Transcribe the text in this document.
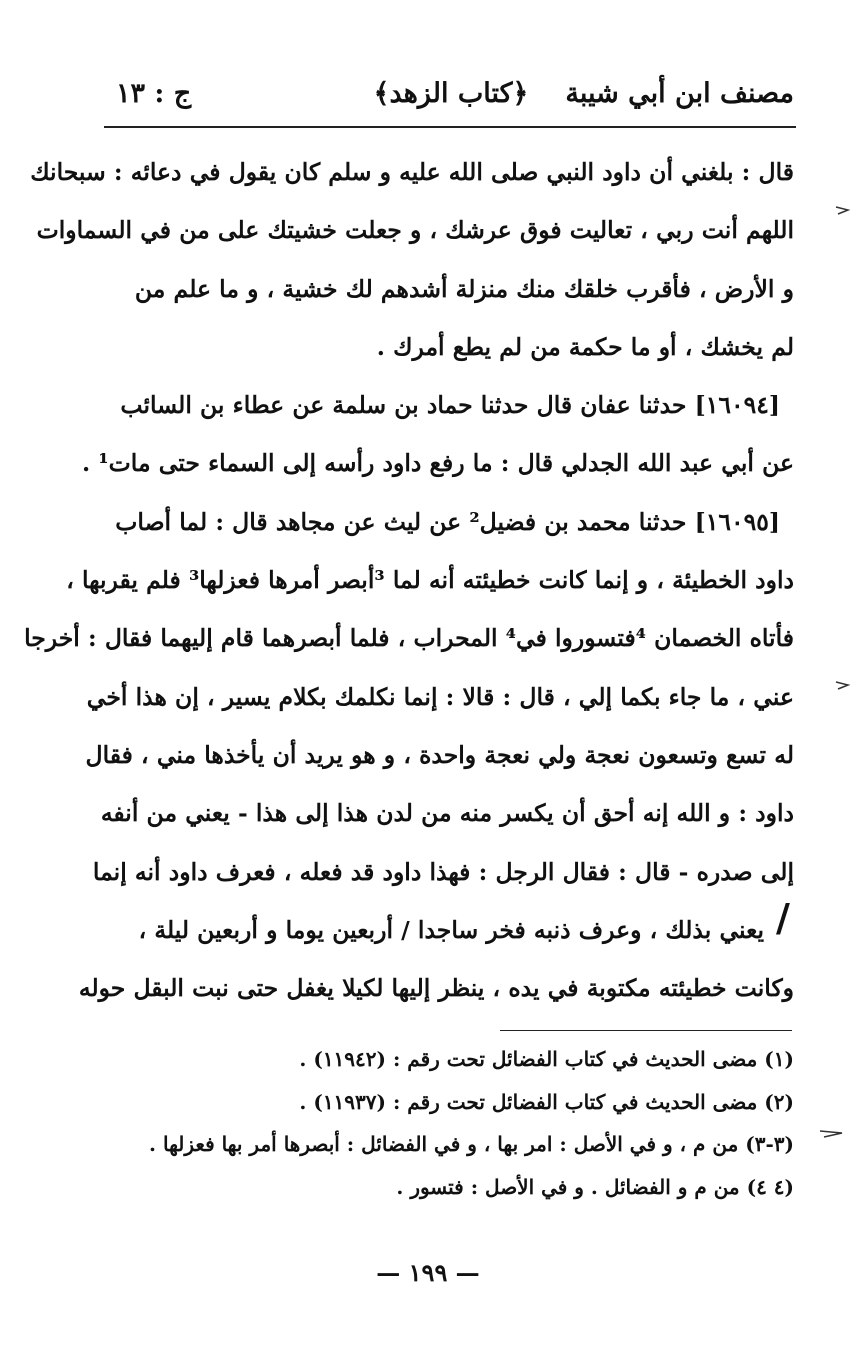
مصنف ابن أبي شيبة
﴿كتاب الزهد﴾
ج : ١٣
قال : بلغني أن داود النبي صلى الله عليه و سلم كان يقول في دعائه : سبحانك
اللهم أنت ربي ، تعاليت فوق عرشك ، و جعلت خشيتك على من في السماوات
و الأرض ، فأقرب خلقك منك منزلة أشدهم لك خشية ، و ما علم من
لم يخشك ، أو ما حكمة من لم يطع أمرك .
[١٦٠٩٤] حدثنا عفان قال حدثنا حماد بن سلمة عن عطاء بن السائب
عن أبي عبد الله الجدلي قال : ما رفع داود رأسه إلى السماء حتى مات¹ .
[١٦٠٩٥] حدثنا محمد بن فضيل² عن ليث عن مجاهد قال : لما أصاب
داود الخطيئة ، و إنما كانت خطيئته أنه لما ³أبصر أمرها فعزلها³ فلم يقربها ،
فأتاه الخصمان ⁴فتسوروا في⁴ المحراب ، فلما أبصرهما قام إليهما فقال : أخرجا
عني ، ما جاء بكما إلي ، قال : قالا : إنما نكلمك بكلام يسير ، إن هذا أخي
له تسع وتسعون نعجة ولي نعجة واحدة ، و هو يريد أن يأخذها مني ، فقال
داود : و الله إنه أحق أن يكسر منه من لدن هذا إلى هذا - يعني من أنفه
إلى صدره - قال : فقال الرجل : فهذا داود قد فعله ، فعرف داود أنه إنما
يعني بذلك ، وعرف ذنبه فخر ساجدا / أربعين يوما و أربعين ليلة ،
وكانت خطيئته مكتوبة في يده ، ينظر إليها لكيلا يغفل حتى نبت البقل حوله
/
(١) مضى الحديث في كتاب الفضائل تحت رقم : (١١٩٤٢) .
(٢) مضى الحديث في كتاب الفضائل تحت رقم : (١١٩٣٧) .
(٣-٣) من م ، و في الأصل : امر بها ، و في الفضائل : أبصرها أمر بها فعزلها .
(٤ ٤) من م و الفضائل . و في الأصل : فتسور .
— ١٩٩ —
